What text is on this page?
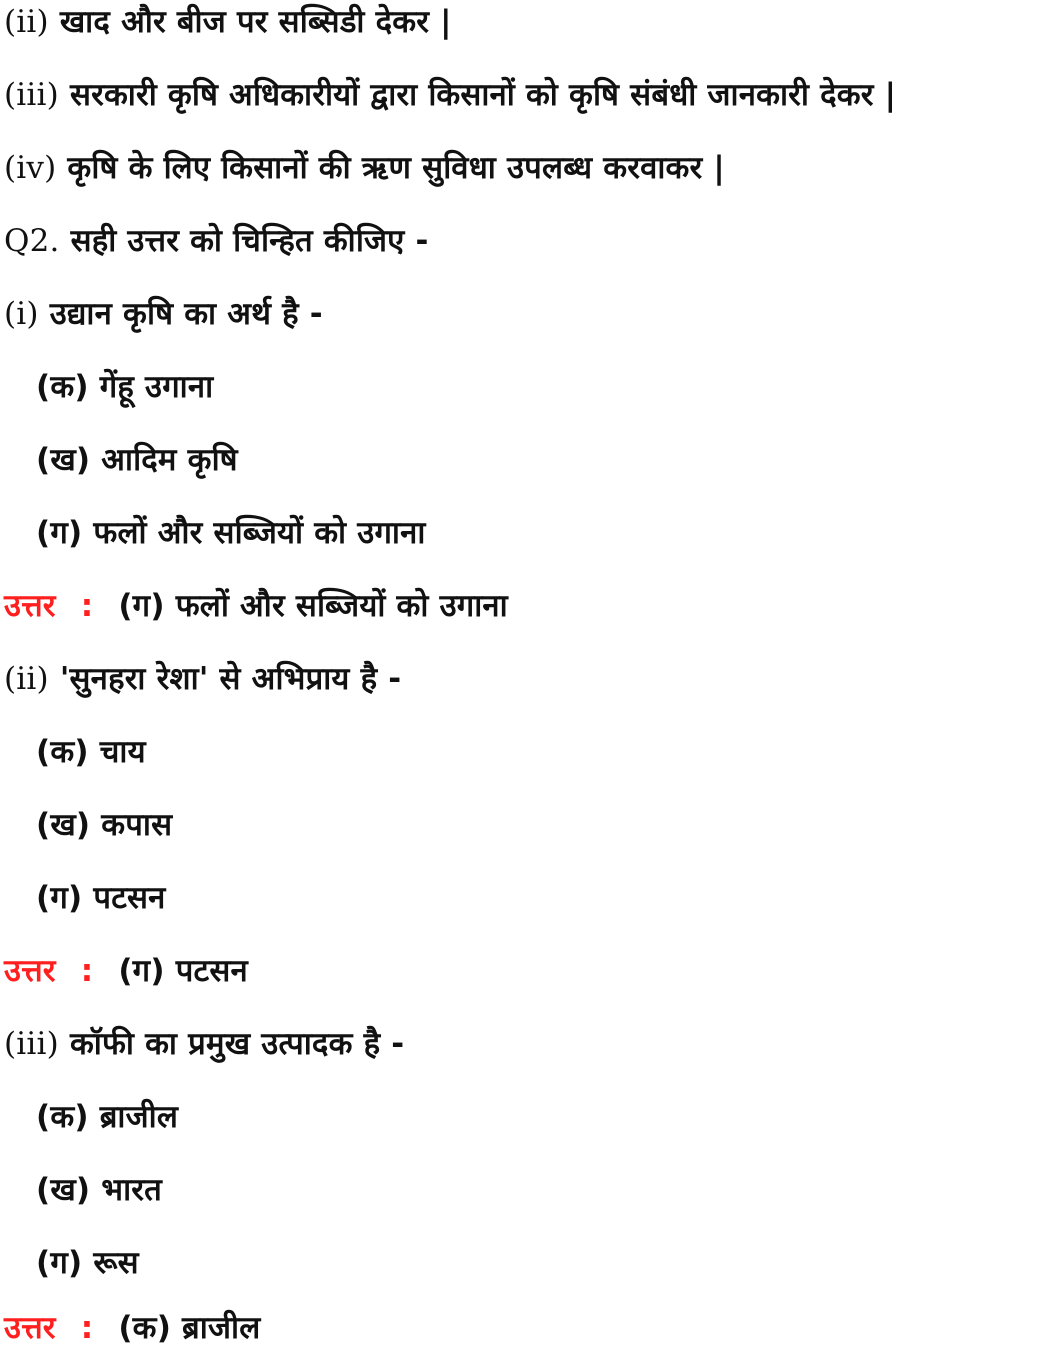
(ii) खाद और बीज पर सब्सिडी देकर |
(iii) सरकारी कृषि अधिकारीयों द्वारा किसानों को कृषि संबंधी जानकारी देकर |
(iv) कृषि के लिए किसानों की ऋण सुविधा उपलब्ध करवाकर |
Q2. सही उत्तर को चिन्हित कीजिए -
(i) उद्यान कृषि का अर्थ है -
(क) गेंहू उगाना
(ख) आदिम कृषि
(ग) फलों और सब्जियों को उगाना
उत्तर : (ग) फलों और सब्जियों को उगाना
(ii) 'सुनहरा रेशा' से अभिप्राय है -
(क) चाय
(ख) कपास
(ग) पटसन
उत्तर : (ग) पटसन
(iii) कॉफी का प्रमुख उत्पादक है -
(क) ब्राजील
(ख) भारत
(ग) रूस
उत्तर : (क) ब्राजील
